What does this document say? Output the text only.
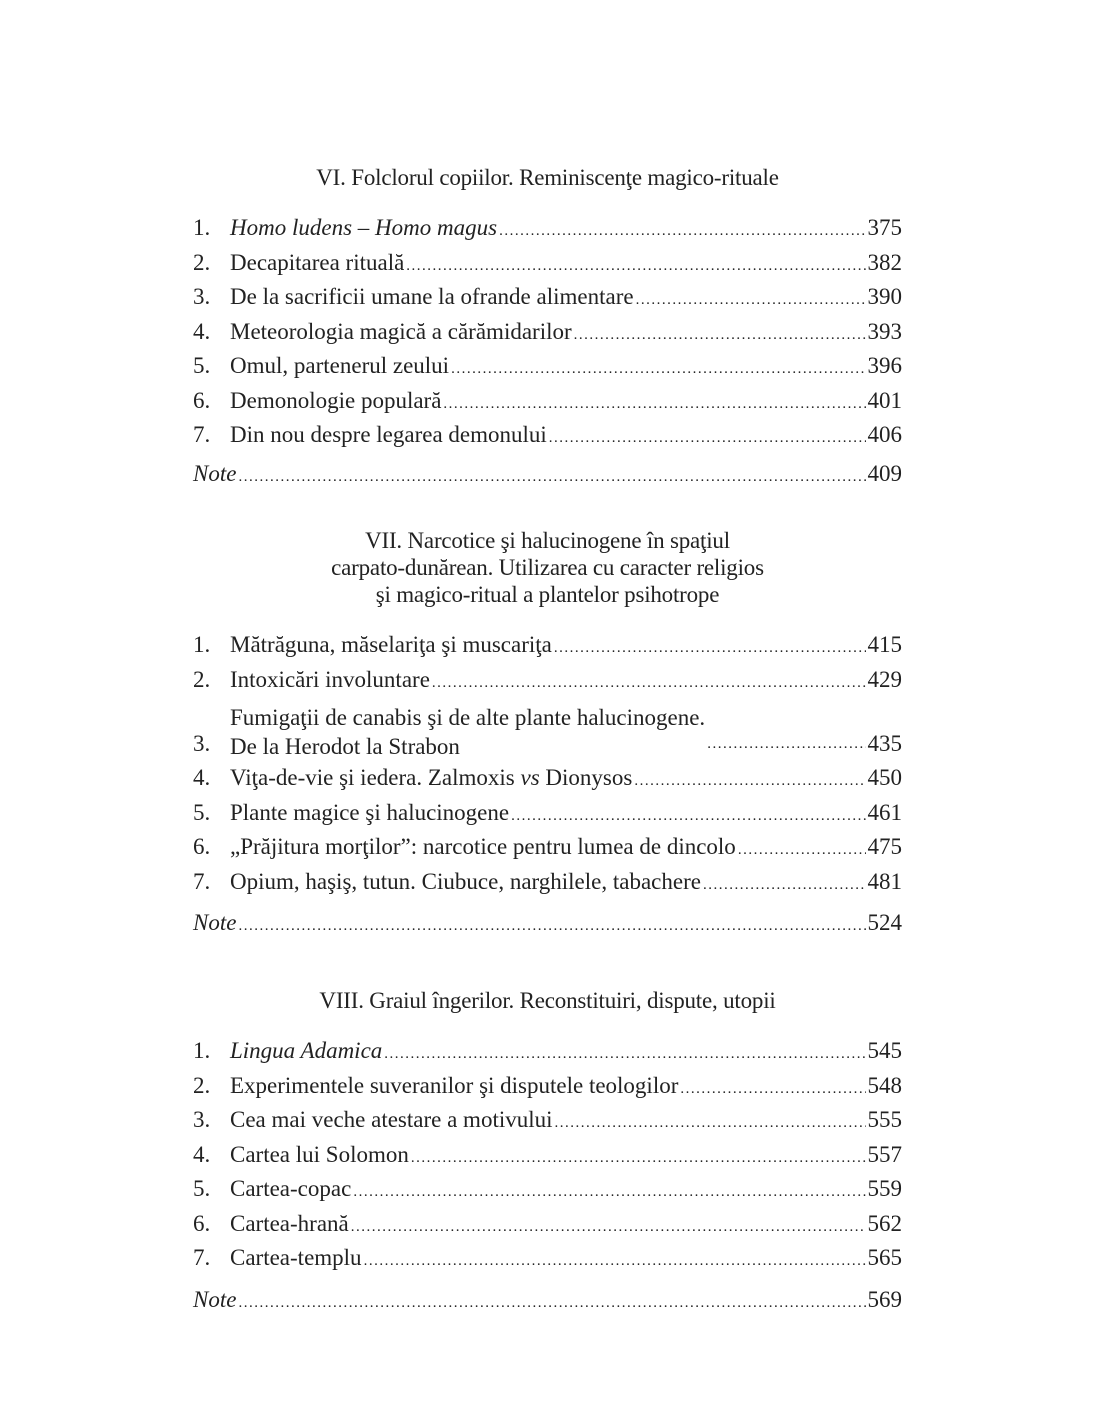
VI. Folclorul copiilor. Reminiscenţe magico-rituale
1. Homo ludens – Homo magus .....	375
2. Decapitarea rituală .....	382
3. De la sacrificii umane la ofrande alimentare .....	390
4. Meteorologia magică a cărămidarilor .....	393
5. Omul, partenerul zeului .....	396
6. Demonologie populară .....	401
7. Din nou despre legarea demonului .....	406
Note .....	409
VII. Narcotice şi halucinogene în spaţiul
carpato-dunărean. Utilizarea cu caracter religios
şi magico-ritual a plantelor psihotrope
1. Mătrăguna, măselariţa şi muscariţa .....	415
2. Intoxicări involuntare .....	429
3.
Fumigaţii de canabis şi de alte plante halucinogene.
De la Herodot la Strabon .....	435
4. Viţa-de-vie şi iedera. Zalmoxis vs Dionysos .....	450
5. Plante magice şi halucinogene .....	461
6. „Prăjitura morţilor”: narcotice pentru lumea de dincolo .....	475
7. Opium, haşiş, tutun. Ciubuce, narghilele, tabachere .....	481
Note .....	524
VIII. Graiul îngerilor. Reconstituiri, dispute, utopii
1. Lingua Adamica .....	545
2. Experimentele suveranilor şi disputele teologilor .....	548
3. Cea mai veche atestare a motivului .....	555
4. Cartea lui Solomon .....	557
5. Cartea-copac .....	559
6. Cartea-hrană .....	562
7. Cartea-templu .....	565
Note .....	569
